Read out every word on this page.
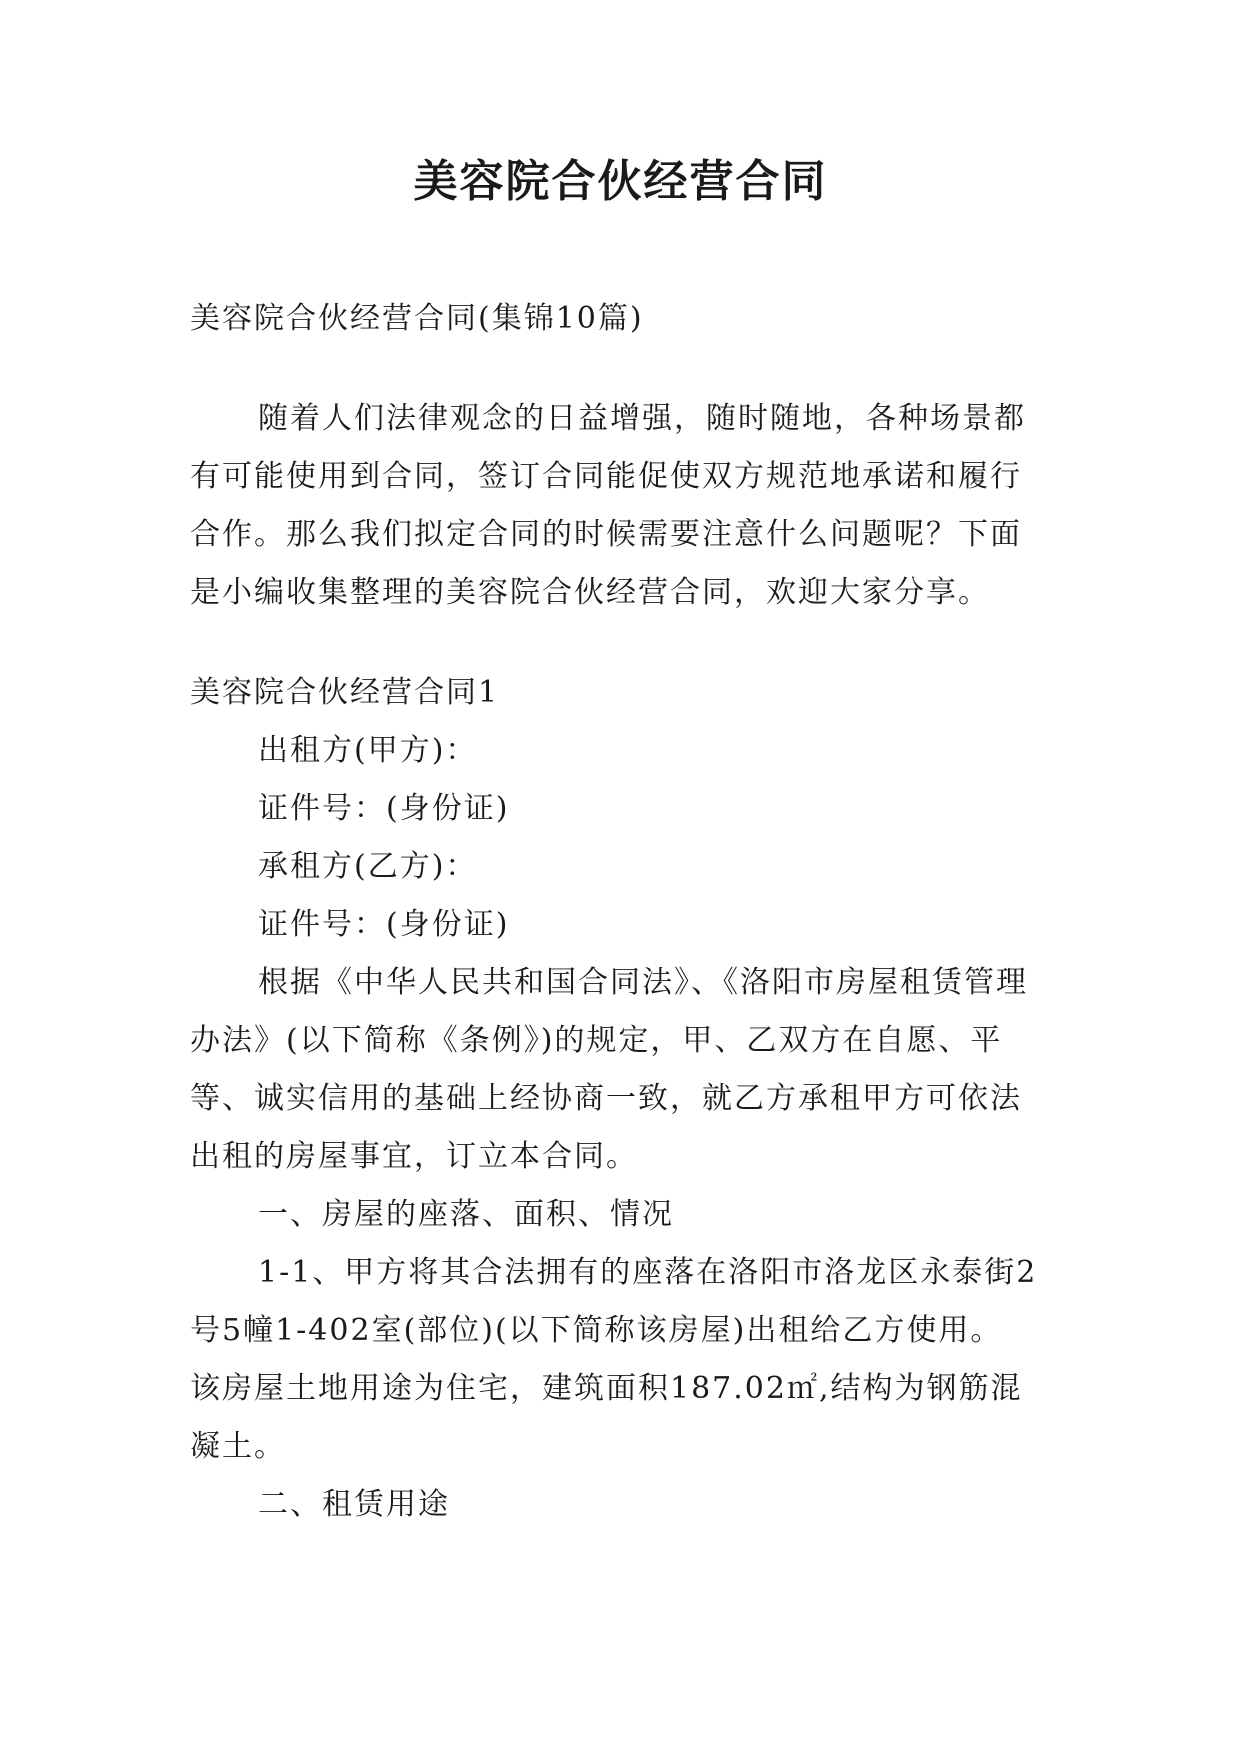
美容院合伙经营合同

美容院合伙经营合同(集锦10篇)

随着人们法律观念的日益增强，随时随地，各种场景都

有可能使用到合同，签订合同能促使双方规范地承诺和履行

合作。那么我们拟定合同的时候需要注意什么问题呢？下面

是小编收集整理的美容院合伙经营合同，欢迎大家分享。

美容院合伙经营合同1

出租方(甲方)：

证件号：(身份证)

承租方(乙方)：

证件号：(身份证)

根据《中华人民共和国合同法》、《洛阳市房屋租赁管理

办法》(以下简称《条例》)的规定，甲、乙双方在自愿、平

等、诚实信用的基础上经协商一致，就乙方承租甲方可依法

出租的房屋事宜，订立本合同。

一、房屋的座落、面积、情况

1-1、甲方将其合法拥有的座落在洛阳市洛龙区永泰街2

号5幢1-402室(部位)(以下简称该房屋)出租给乙方使用。

该房屋土地用途为住宅，建筑面积187.02㎡,结构为钢筋混

凝土。

二、租赁用途
